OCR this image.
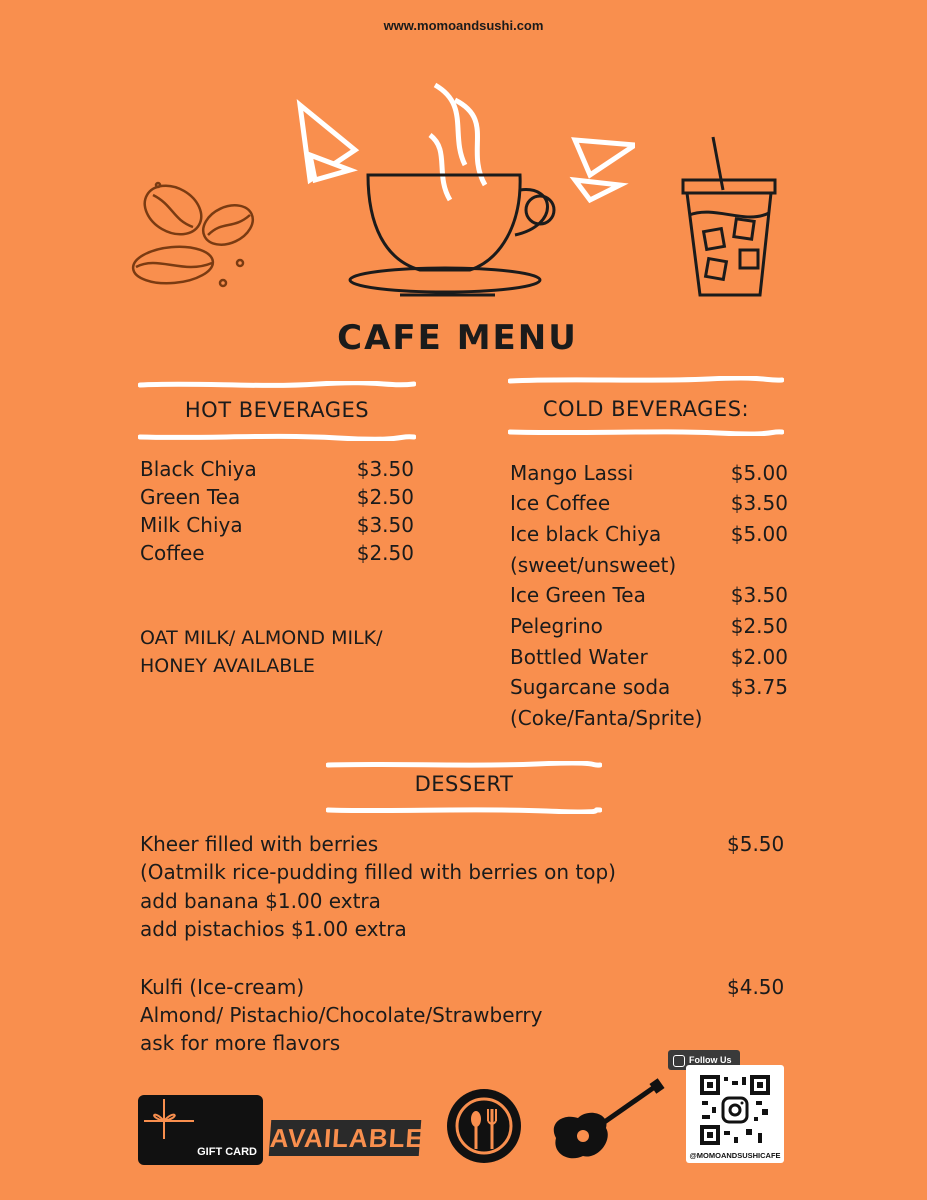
www.momoandsushi.com
CAFE MENU
HOT BEVERAGES
Black Chiya	$3.50
Green Tea	$2.50
Milk Chiya	$3.50
Coffee	$2.50
OAT MILK/ ALMOND MILK/
HONEY AVAILABLE
COLD BEVERAGES:
Mango Lassi	$5.00
Ice Coffee	$3.50
Ice black Chiya	$5.00
(sweet/unsweet)
Ice Green Tea	$3.50
Pelegrino	$2.50
Bottled Water	$2.00
Sugarcane soda	$3.75
(Coke/Fanta/Sprite)
DESSERT
Kheer filled with berries	$5.50
(Oatmilk rice-pudding filled with berries on top)
add banana $1.00 extra
add pistachios $1.00 extra
Kulfi (Ice-cream)	$4.50
Almond/ Pistachio/Chocolate/Strawberry
ask for more flavors
GIFT CARD AVAILABLE
Follow Us
@MOMOANDSUSHICAFE
